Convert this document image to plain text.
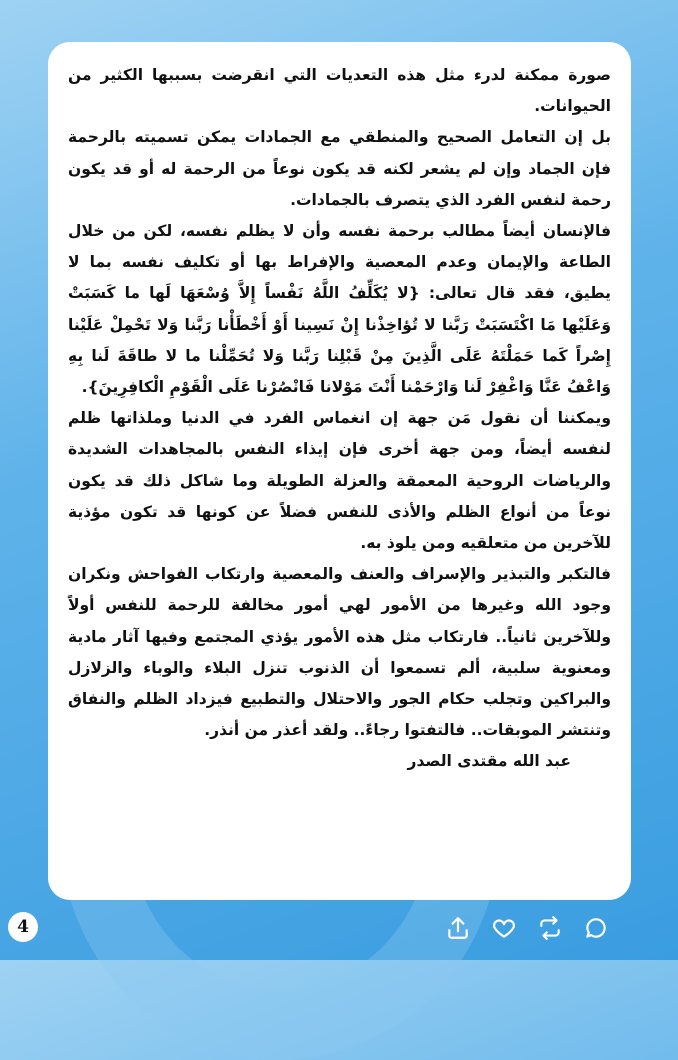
صورة ممكنة لدرء مثل هذه التعديات التي انقرضت بسببها الكثير من الحيوانات.

بل إن التعامل الصحيح والمنطقي مع الجمادات يمكن تسميته بالرحمة فإن الجماد وإن لم يشعر لكنه قد يكون نوعاً من الرحمة له أو قد يكون رحمة لنفس الفرد الذي يتصرف بالجمادات.

فالإنسان أيضاً مطالب برحمة نفسه وأن لا يظلم نفسه، لكن من خلال الطاعة والإيمان وعدم المعصية والإفراط بها أو تكليف نفسه بما لا يطيق، فقد قال تعالى: {لا يُكَلِّفُ اللَّهُ نَفْساً إِلاَّ وُسْعَهَا لَها ما كَسَبَتْ وَعَلَيْها مَا اكْتَسَبَتْ رَبَّنا لا تُؤاخِذْنا إِنْ نَسِينا أَوْ أَخْطَأْنا رَبَّنا وَلا تَحْمِلْ عَلَيْنا إِصْراً كَما حَمَلْتَهُ عَلَى الَّذِينَ مِنْ قَبْلِنا رَبَّنا وَلا تُحَمِّلْنا ما لا طاقَةَ لَنا بِهِ وَاعْفُ عَنَّا وَاغْفِرْ لَنا وَارْحَمْنا أَنْتَ مَوْلانا فَانْصُرْنا عَلَى الْقَوْمِ الْكافِرِينَ}.

ويمكننا أن نقول مَن جهة إن انغماس الفرد في الدنيا وملذاتها ظلم لنفسه أيضاً، ومن جهة أخرى فإن إيذاء النفس بالمجاهدات الشديدة والرياضات الروحية المعمقة والعزلة الطويلة وما شاكل ذلك قد يكون نوعاً من أنواع الظلم والأذى للنفس فضلاً عن كونها قد تكون مؤذية للآخرين من متعلقيه ومن يلوذ به.

فالتكبر والتبذير والإسراف والعنف والمعصية وارتكاب الفواحش ونكران وجود الله وغيرها من الأمور لهي أمور مخالفة للرحمة للنفس أولاً وللآخرين ثانياً.. فارتكاب مثل هذه الأمور يؤذي المجتمع وفيها آثار مادية ومعنوية سلبية، ألم تسمعوا أن الذنوب تنزل البلاء والوباء والزلازل والبراكين وتجلب حكام الجور والاحتلال والتطبيع فيزداد الظلم والنفاق وتنتشر الموبقات.. فالتفتوا رجاءً.. ولقد أعذر من أنذر.

عبد الله مقتدى الصدر
4
